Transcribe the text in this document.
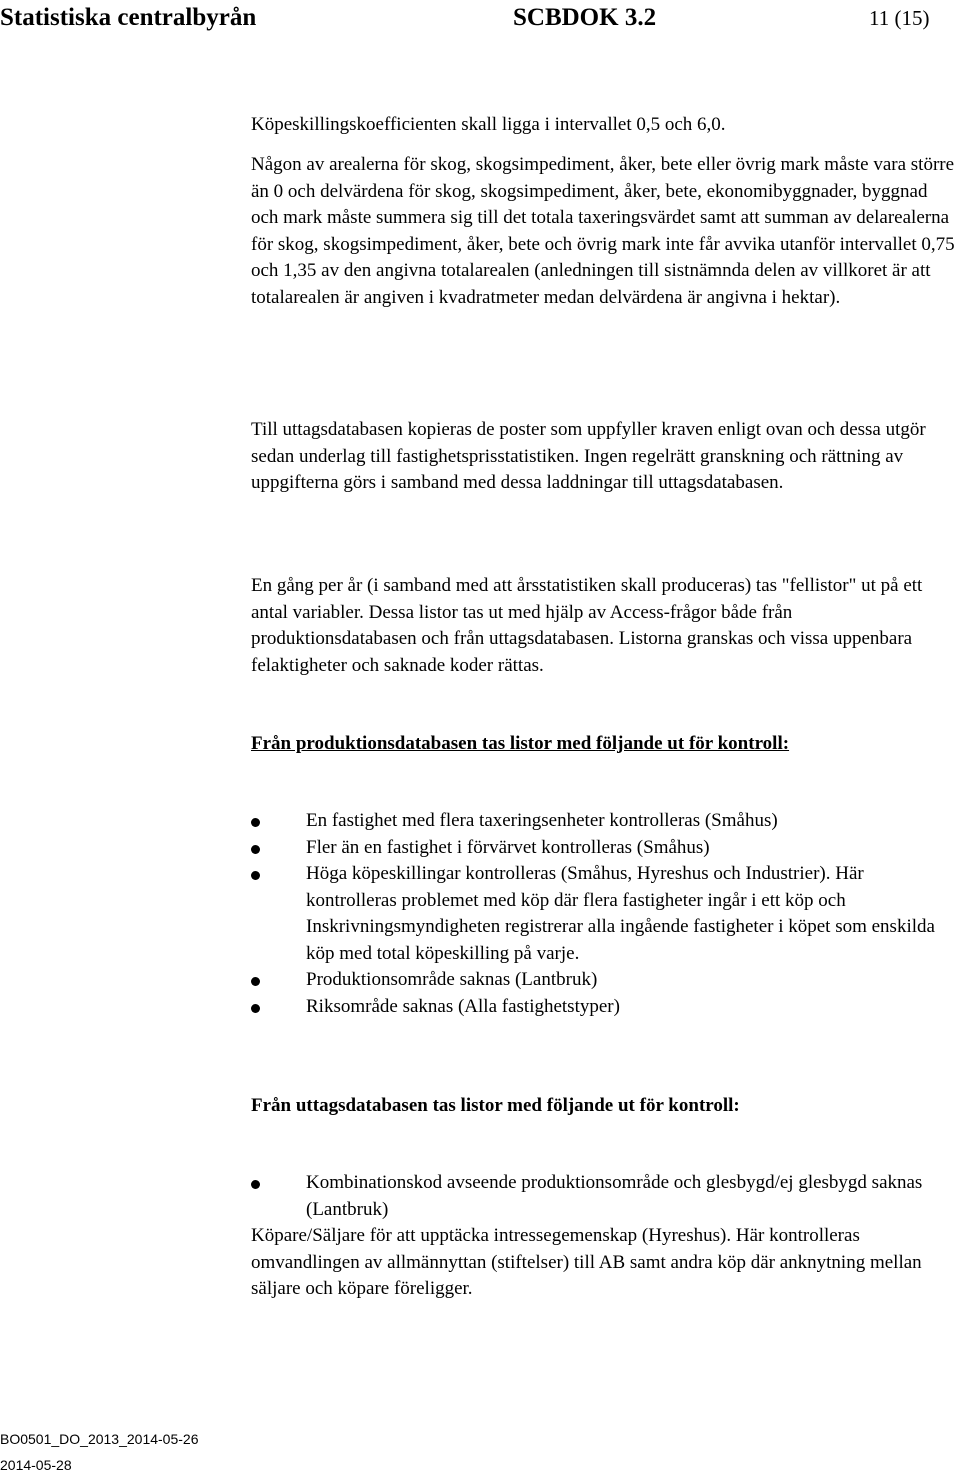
Statistiska centralbyrån	SCBDOK 3.2	11 (15)

Köpeskillingskoefficienten skall ligga i intervallet 0,5 och 6,0.

Någon av arealerna för skog, skogsimpediment, åker, bete eller övrig mark måste vara större än 0 och delvärdena för skog, skogsimpediment, åker, bete, ekonomibyggnader, byggnad och mark måste summera sig till det totala taxeringsvärdet samt att summan av delarealerna för skog, skogsimpediment, åker, bete och övrig mark inte får avvika utanför intervallet 0,75 och 1,35 av den angivna totalarealen (anledningen till sistnämnda delen av villkoret är att totalarealen är angiven i kvadratmeter medan delvärdena är angivna i hektar).

Till uttagsdatabasen kopieras de poster som uppfyller kraven enligt ovan och dessa utgör sedan underlag till fastighetsprisstatistiken. Ingen regelrätt granskning och rättning av uppgifterna görs i samband med dessa laddningar till uttagsdatabasen.

En gång per år (i samband med att årsstatistiken skall produceras) tas "fellistor" ut på ett antal variabler. Dessa listor tas ut med hjälp av Access-frågor både från produktionsdatabasen och från uttagsdatabasen. Listorna granskas och vissa uppenbara felaktigheter och saknade koder rättas.

Från produktionsdatabasen tas listor med följande ut för kontroll:
En fastighet med flera taxeringsenheter kontrolleras (Småhus)
Fler än en fastighet i förvärvet kontrolleras (Småhus)
Höga köpeskillingar kontrolleras (Småhus, Hyreshus och Industrier). Här kontrolleras problemet med köp där flera fastigheter ingår i ett köp och Inskrivningsmyndigheten registrerar alla ingående fastigheter i köpet som enskilda köp med total köpeskilling på varje.
Produktionsområde saknas (Lantbruk)
Riksområde saknas (Alla fastighetstyper)
Från uttagsdatabasen tas listor med följande ut för kontroll:
Kombinationskod avseende produktionsområde och glesbygd/ej glesbygd saknas (Lantbruk)

Köpare/Säljare för att upptäcka intressegemenskap (Hyreshus). Här kontrolleras omvandlingen av allmännyttan (stiftelser) till AB samt andra köp där anknytning mellan säljare och köpare föreligger.

BO0501_DO_2013_2014-05-26
2014-05-28
